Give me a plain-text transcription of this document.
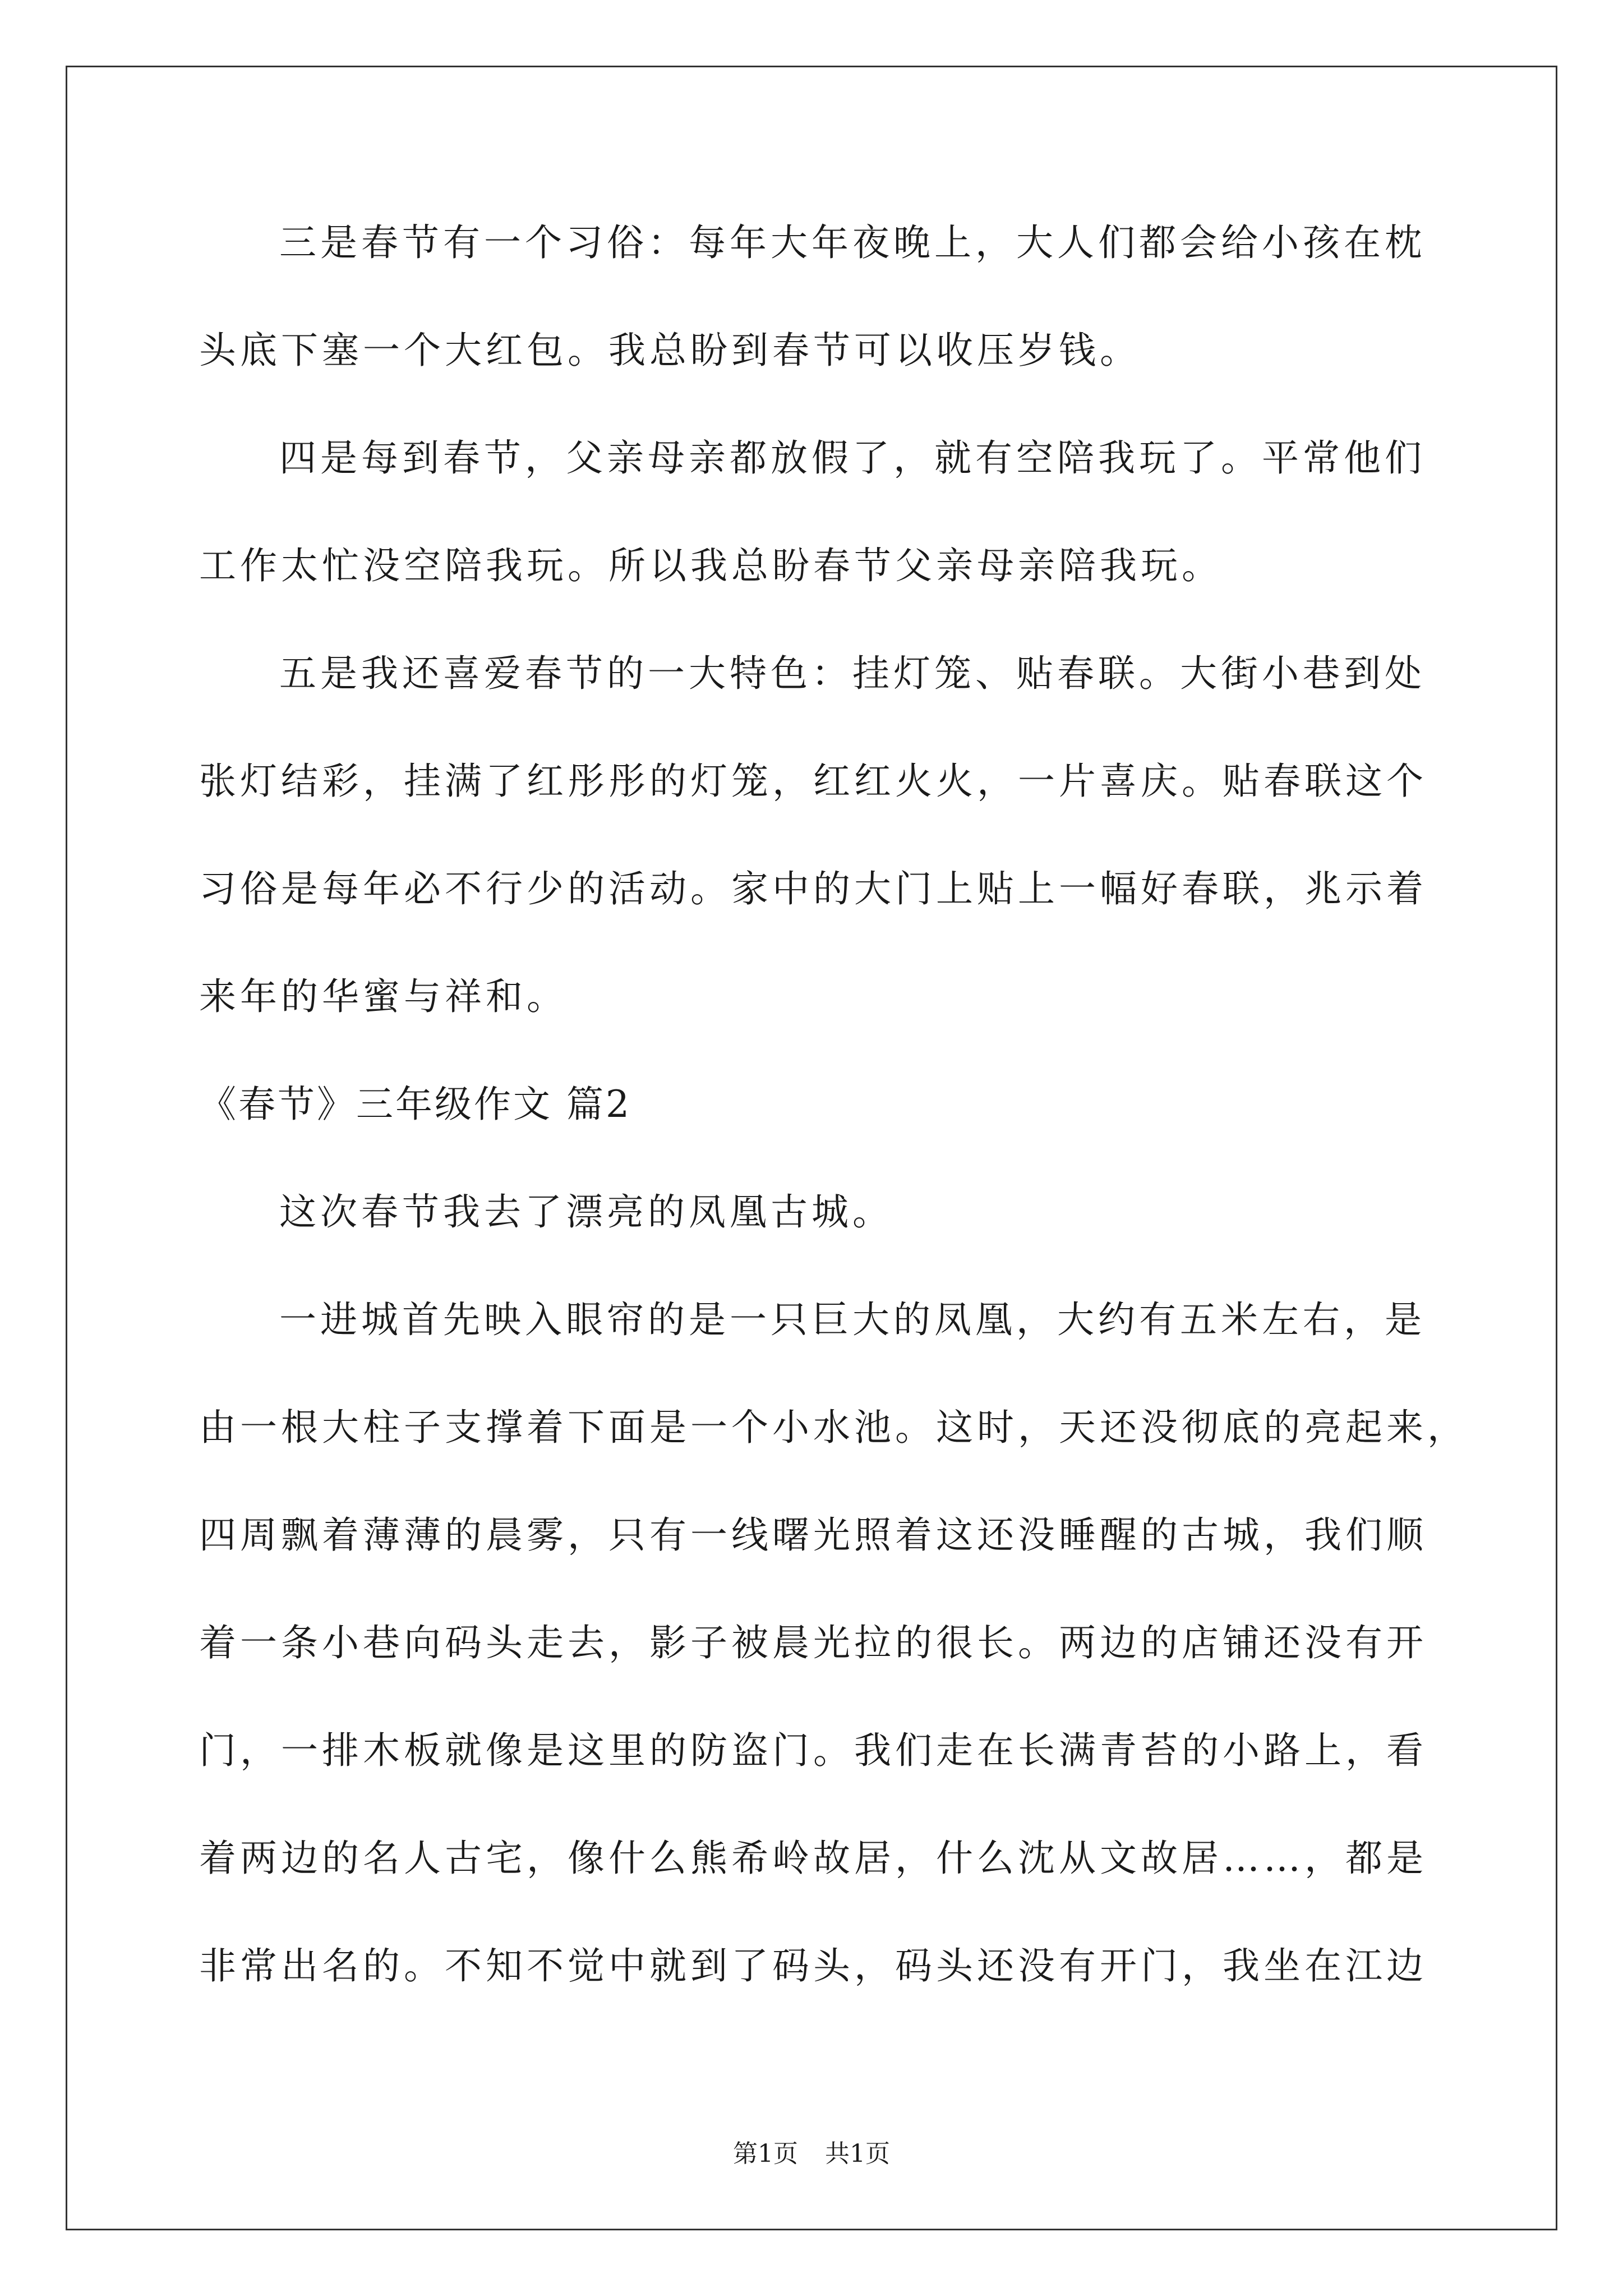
三是春节有一个习俗：每年大年夜晚上，大人们都会给小孩在枕
头底下塞一个大红包。我总盼到春节可以收压岁钱。
四是每到春节，父亲母亲都放假了，就有空陪我玩了。平常他们
工作太忙没空陪我玩。所以我总盼春节父亲母亲陪我玩。
五是我还喜爱春节的一大特色：挂灯笼、贴春联。大街小巷到处
张灯结彩，挂满了红彤彤的灯笼，红红火火，一片喜庆。贴春联这个
习俗是每年必不行少的活动。家中的大门上贴上一幅好春联，兆示着
来年的华蜜与祥和。
《春节》三年级作文 篇2
这次春节我去了漂亮的凤凰古城。
一进城首先映入眼帘的是一只巨大的凤凰，大约有五米左右，是
由一根大柱子支撑着下面是一个小水池。这时，天还没彻底的亮起来，
四周飘着薄薄的晨雾，只有一线曙光照着这还没睡醒的古城，我们顺
着一条小巷向码头走去，影子被晨光拉的很长。两边的店铺还没有开
门，一排木板就像是这里的防盗门。我们走在长满青苔的小路上，看
着两边的名人古宅，像什么熊希岭故居，什么沈从文故居……，都是
非常出名的。不知不觉中就到了码头，码头还没有开门，我坐在江边
第1页 共1页
